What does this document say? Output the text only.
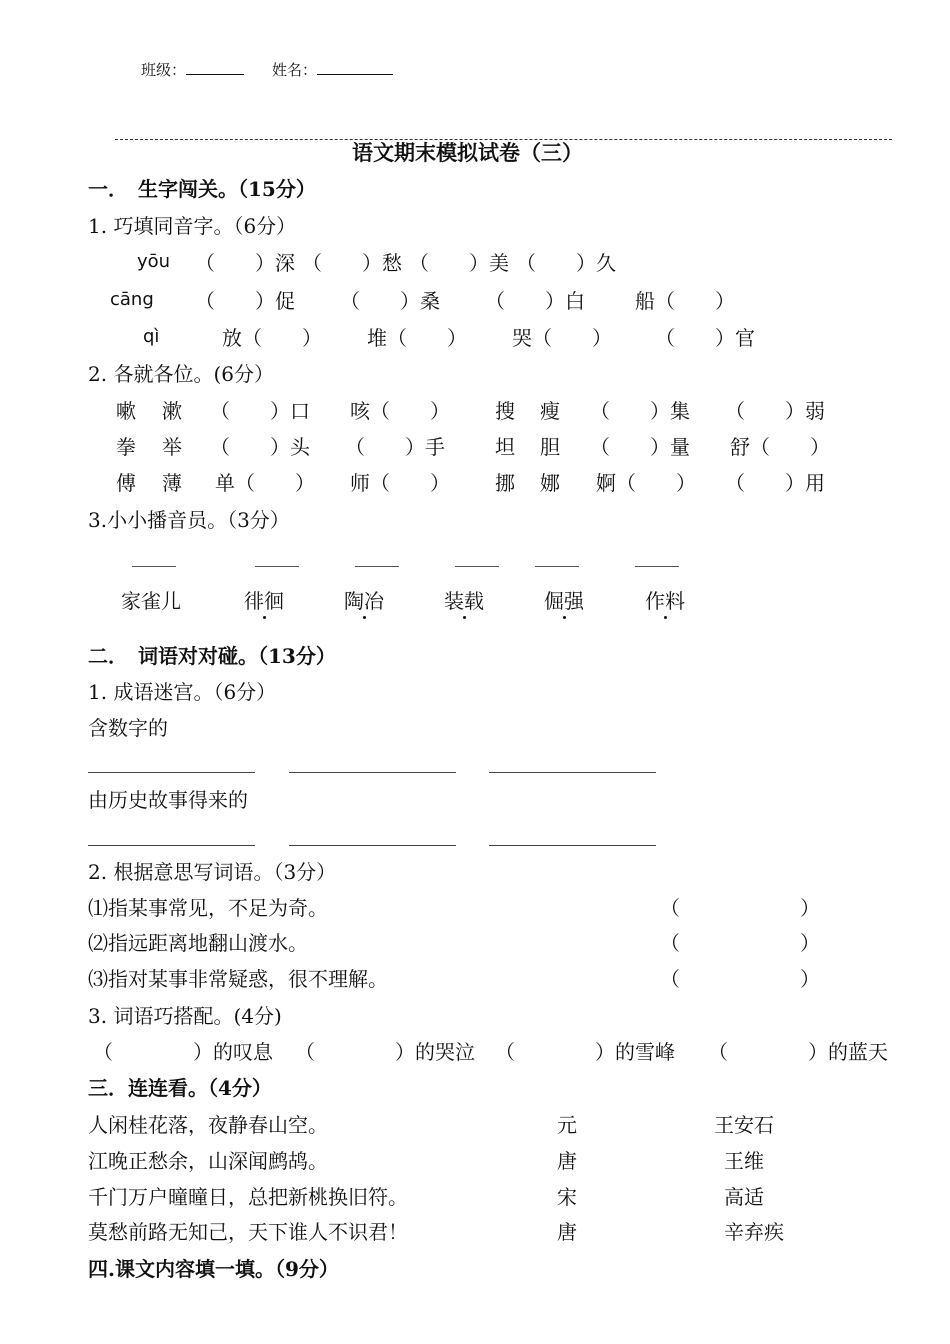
班级：	姓名：
语文期末模拟试卷（三）
一．　生字闯关。（15分）
1. 巧填同音字。（6分）
yōu （　　）深 （　　）愁 （　　）美 （　　）久
cāng （　　）促 （　　）桑 （　　）白	船（　　）
qì	放（　　） 堆（　　） 哭（　　） （　　）官
2. 各就各位。(6分）
嗽 漱 （　　）口 咳（　　） 搜 瘦 （　　）集 （　　）弱
拳 举 （　　）头 （　　）手	坦 胆 （　　）量 舒（　　）
傅 薄 单（　　） 师（　　） 挪 娜 婀（　　） （　　）用
3.小小播音员。（3分）
家雀儿	徘徊	陶冶	装载	倔强	作料
二．　词语对对碰。（13分）
1. 成语迷宫。（6分）
含数字的
由历史故事得来的
2. 根据意思写词语。（3分）
⑴指某事常见，不足为奇。	（　　　　　　）
⑵指远距离地翻山渡水。	（　　　　　　）
⑶指对某事非常疑惑，很不理解。	（　　　　　　）
3. 词语巧搭配。(4分)
（　　　　）的叹息 （　　　　）的哭泣 （　　　　）的雪峰 （　　　　）的蓝天
三．连连看。（4分）
人闲桂花落，夜静春山空。	元	王安石
江晚正愁余，山深闻鹧鸪。	唐	王维
千门万户曈曈日，总把新桃换旧符。	宋	高适
莫愁前路无知己，天下谁人不识君！	唐	辛弃疾
四.课文内容填一填。（9分）
